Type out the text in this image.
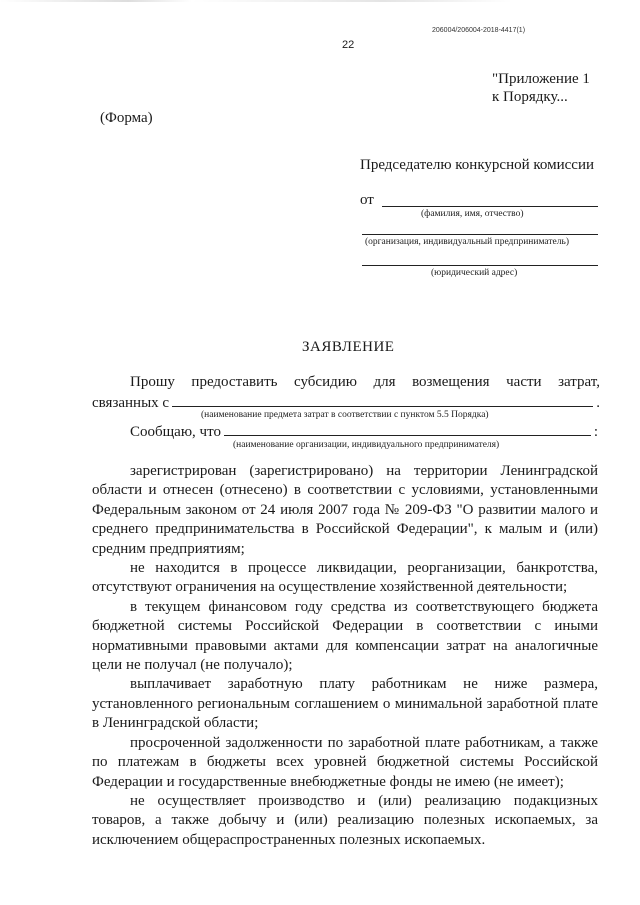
206004/206004-2018-4417(1)
22
"Приложение 1
к Порядку...
(Форма)
Председателю конкурсной комиссии
от
(фамилия, имя, отчество)
(организация, индивидуальный предприниматель)
(юридический адрес)
ЗАЯВЛЕНИЕ
Прошу предоставить субсидию для возмещения части затрат,
связанных с	.
(наименование предмета затрат в соответствии с пунктом 5.5 Порядка)
Сообщаю, что	:
(наименование организации, индивидуального предпринимателя)

зарегистрирован (зарегистрировано) на территории Ленинградской области и отнесен (отнесено) в соответствии с условиями, установленными Федеральным законом от 24 июля 2007 года № 209-ФЗ "О развитии малого и среднего предпринимательства в Российской Федерации", к малым и (или) средним предприятиям;

не находится в процессе ликвидации, реорганизации, банкротства, отсутствуют ограничения на осуществление хозяйственной деятельности;

в текущем финансовом году средства из соответствующего бюджета бюджетной системы Российской Федерации в соответствии с иными нормативными правовыми актами для компенсации затрат на аналогичные цели не получал (не получало);

выплачивает заработную плату работникам не ниже размера, установленного региональным соглашением о минимальной заработной плате в Ленинградской области;

просроченной задолженности по заработной плате работникам, а также по платежам в бюджеты всех уровней бюджетной системы Российской Федерации и государственные внебюджетные фонды не имею (не имеет);

не осуществляет производство и (или) реализацию подакцизных товаров, а также добычу и (или) реализацию полезных ископаемых, за исключением общераспространенных полезных ископаемых.
